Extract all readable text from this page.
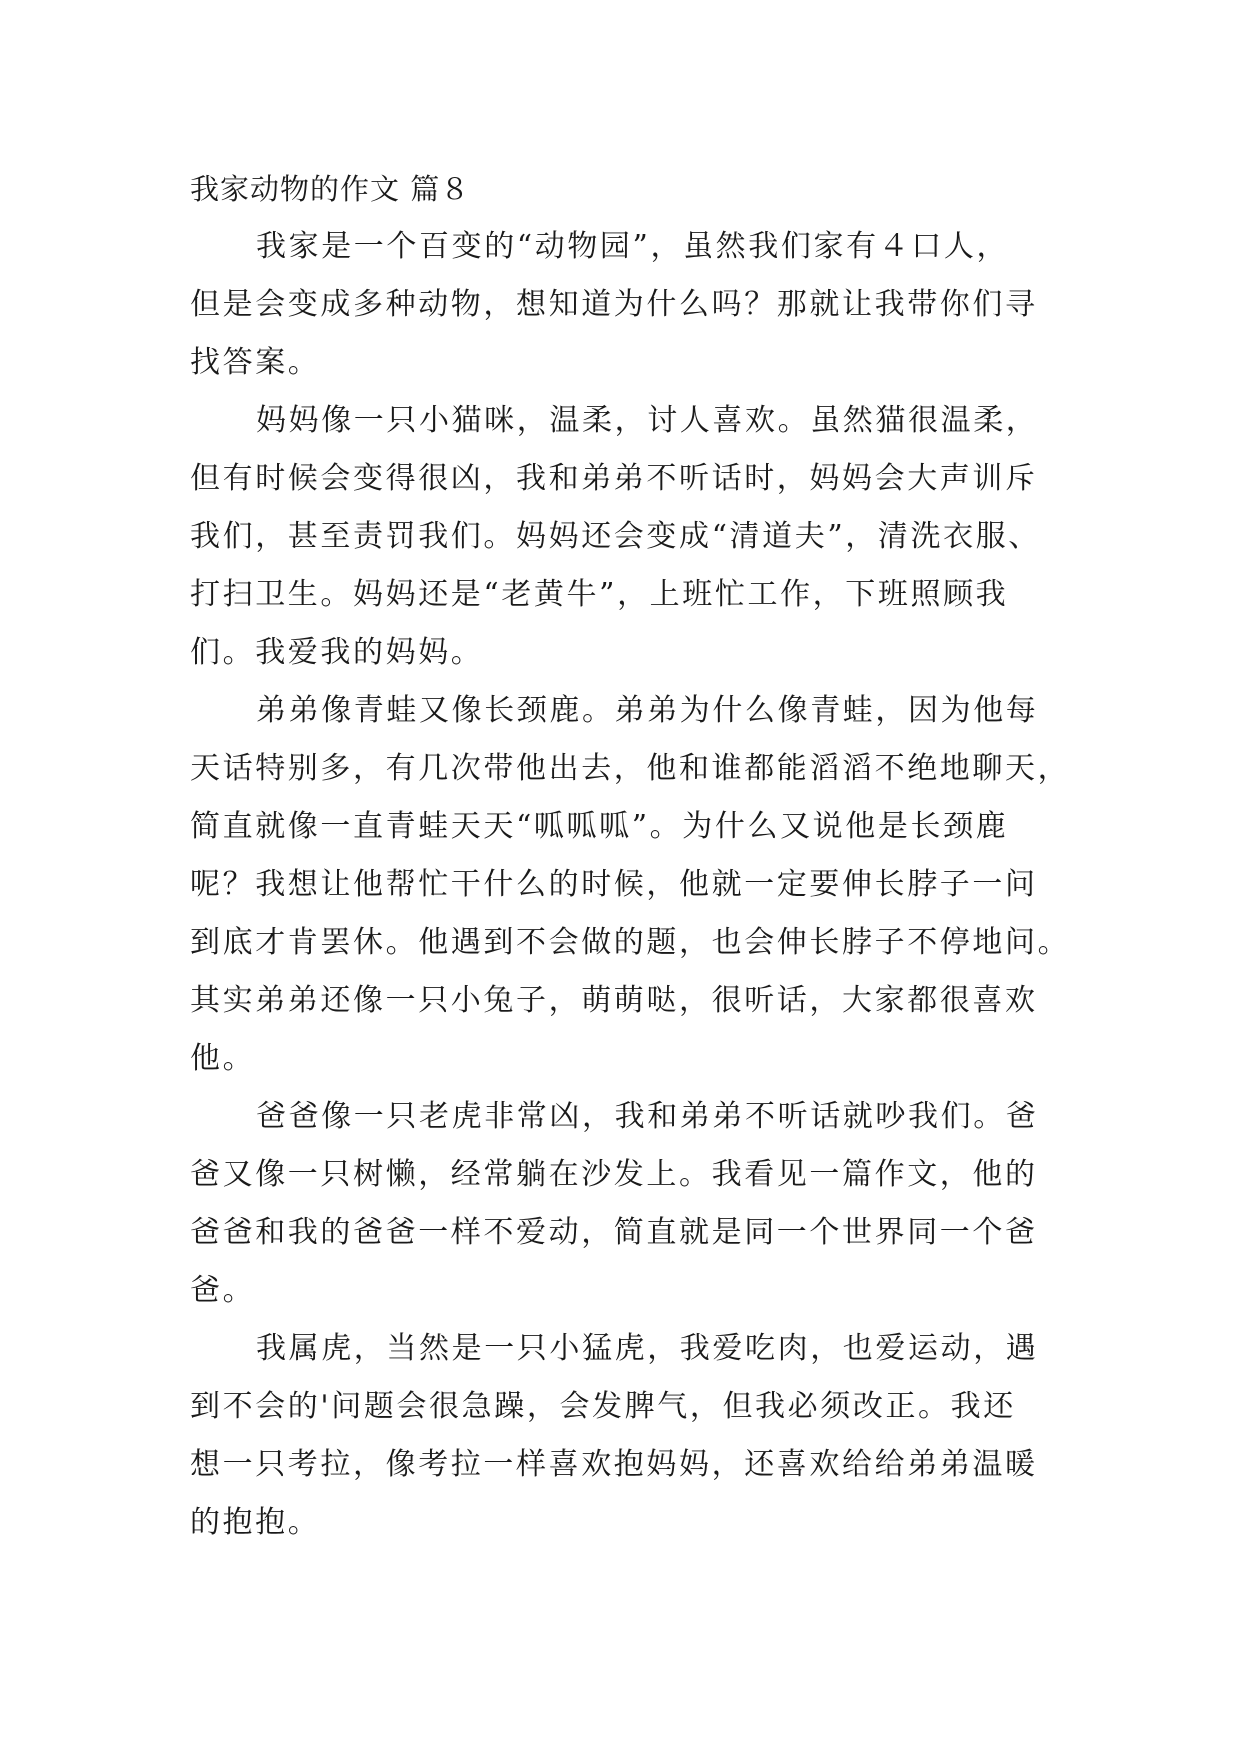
我家动物的作文 篇８

我家是一个百变的“动物园”，虽然我们家有４口人，
但是会变成多种动物，想知道为什么吗？那就让我带你们寻
找答案。

妈妈像一只小猫咪，温柔，讨人喜欢。虽然猫很温柔，
但有时候会变得很凶，我和弟弟不听话时，妈妈会大声训斥
我们，甚至责罚我们。妈妈还会变成“清道夫”，清洗衣服、
打扫卫生。妈妈还是“老黄牛”，上班忙工作，下班照顾我
们。我爱我的妈妈。

弟弟像青蛙又像长颈鹿。弟弟为什么像青蛙，因为他每
天话特别多，有几次带他出去，他和谁都能滔滔不绝地聊天，
简直就像一直青蛙天天“呱呱呱”。为什么又说他是长颈鹿
呢？我想让他帮忙干什么的时候，他就一定要伸长脖子一问
到底才肯罢休。他遇到不会做的题，也会伸长脖子不停地问。
其实弟弟还像一只小兔子，萌萌哒，很听话，大家都很喜欢
他。

爸爸像一只老虎非常凶，我和弟弟不听话就吵我们。爸
爸又像一只树懒，经常躺在沙发上。我看见一篇作文，他的
爸爸和我的爸爸一样不爱动，简直就是同一个世界同一个爸
爸。

我属虎，当然是一只小猛虎，我爱吃肉，也爱运动，遇
到不会的'问题会很急躁，会发脾气，但我必须改正。我还
想一只考拉，像考拉一样喜欢抱妈妈，还喜欢给给弟弟温暖
的抱抱。
